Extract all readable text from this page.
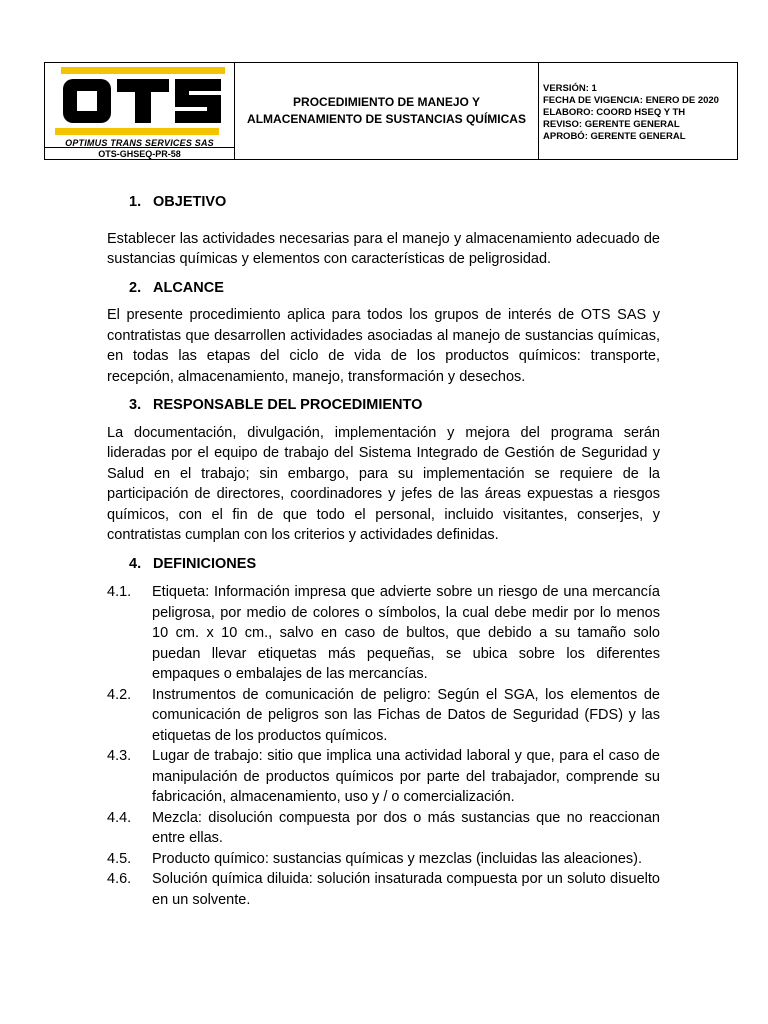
OPTIMUS TRANS SERVICES SAS
OTS-GHSEQ-PR-58
PROCEDIMIENTO DE MANEJO Y
ALMACENAMIENTO DE SUSTANCIAS QUÍMICAS
VERSIÓN: 1
FECHA DE VIGENCIA: ENERO DE 2020
ELABORO: COORD HSEQ Y TH
REVISO: GERENTE GENERAL
APROBÓ: GERENTE GENERAL
1. OBJETIVO

Establecer las actividades necesarias para el manejo y almacenamiento adecuado de sustancias químicas y elementos con características de peligrosidad.

2. ALCANCE

El presente procedimiento aplica para todos los grupos de interés de OTS SAS y contratistas que desarrollen actividades asociadas al manejo de sustancias químicas, en todas las etapas del ciclo de vida de los productos químicos: transporte, recepción, almacenamiento, manejo, transformación y desechos.

3. RESPONSABLE DEL PROCEDIMIENTO

La documentación, divulgación, implementación y mejora del programa serán lideradas por el equipo de trabajo del Sistema Integrado de Gestión de Seguridad y Salud en el trabajo; sin embargo, para su implementación se requiere de la participación de directores, coordinadores y jefes de las áreas expuestas a riesgos químicos, con el fin de que todo el personal, incluido visitantes, conserjes, y contratistas cumplan con los criterios y actividades definidas.

4. DEFINICIONES
4.1.	Etiqueta: Información impresa que advierte sobre un riesgo de una mercancía peligrosa, por medio de colores o símbolos, la cual debe medir por lo menos 10 cm. x 10 cm., salvo en caso de bultos, que debido a su tamaño solo puedan llevar etiquetas más pequeñas, se ubica sobre los diferentes empaques o embalajes de las mercancías.
4.2.	Instrumentos de comunicación de peligro: Según el SGA, los elementos de comunicación de peligros son las Fichas de Datos de Seguridad (FDS) y las etiquetas de los productos químicos.
4.3.	Lugar de trabajo: sitio que implica una actividad laboral y que, para el caso de manipulación de productos químicos por parte del trabajador, comprende su fabricación, almacenamiento, uso y / o comercialización.
4.4.	Mezcla: disolución compuesta por dos o más sustancias que no reaccionan entre ellas.
4.5.	Producto químico: sustancias químicas y mezclas (incluidas las aleaciones).
4.6.	Solución química diluida: solución insaturada compuesta por un soluto disuelto en un solvente.
